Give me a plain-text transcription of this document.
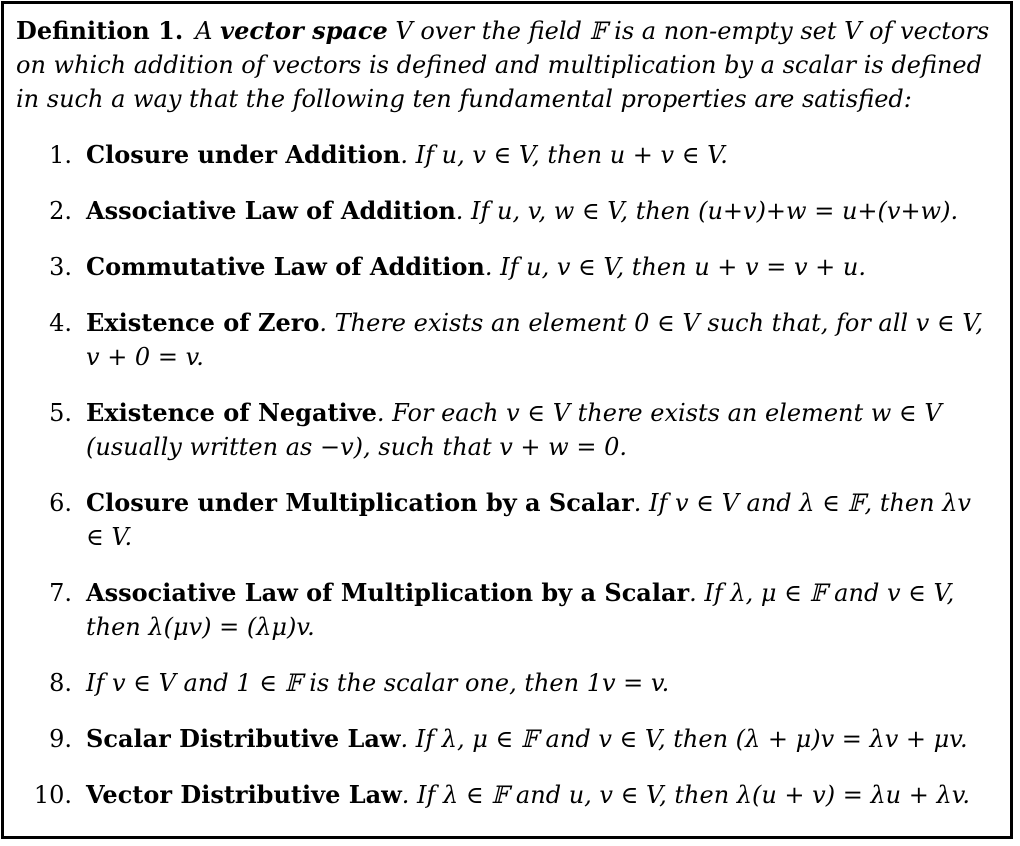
Definition 1. A vector space V over the field 𝔽 is a non-empty set V of vectors on which addition of vectors is defined and multiplication by a scalar is defined in such a way that the following ten fundamental properties are satisfied:

1. Closure under Addition. If u, v ∈ V, then u + v ∈ V.
2. Associative Law of Addition. If u, v, w ∈ V, then (u+v)+w = u+(v+w).
3. Commutative Law of Addition. If u, v ∈ V, then u + v = v + u.
4. Existence of Zero. There exists an element 0 ∈ V such that, for all v ∈ V, v + 0 = v.
5. Existence of Negative. For each v ∈ V there exists an element w ∈ V (usually written as −v), such that v + w = 0.
6. Closure under Multiplication by a Scalar. If v ∈ V and λ ∈ 𝔽, then λv ∈ V.
7. Associative Law of Multiplication by a Scalar. If λ, μ ∈ 𝔽 and v ∈ V, then λ(μv) = (λμ)v.
8. If v ∈ V and 1 ∈ 𝔽 is the scalar one, then 1v = v.
9. Scalar Distributive Law. If λ, μ ∈ 𝔽 and v ∈ V, then (λ + μ)v = λv + μv.
10. Vector Distributive Law. If λ ∈ 𝔽 and u, v ∈ V, then λ(u + v) = λu + λv.
